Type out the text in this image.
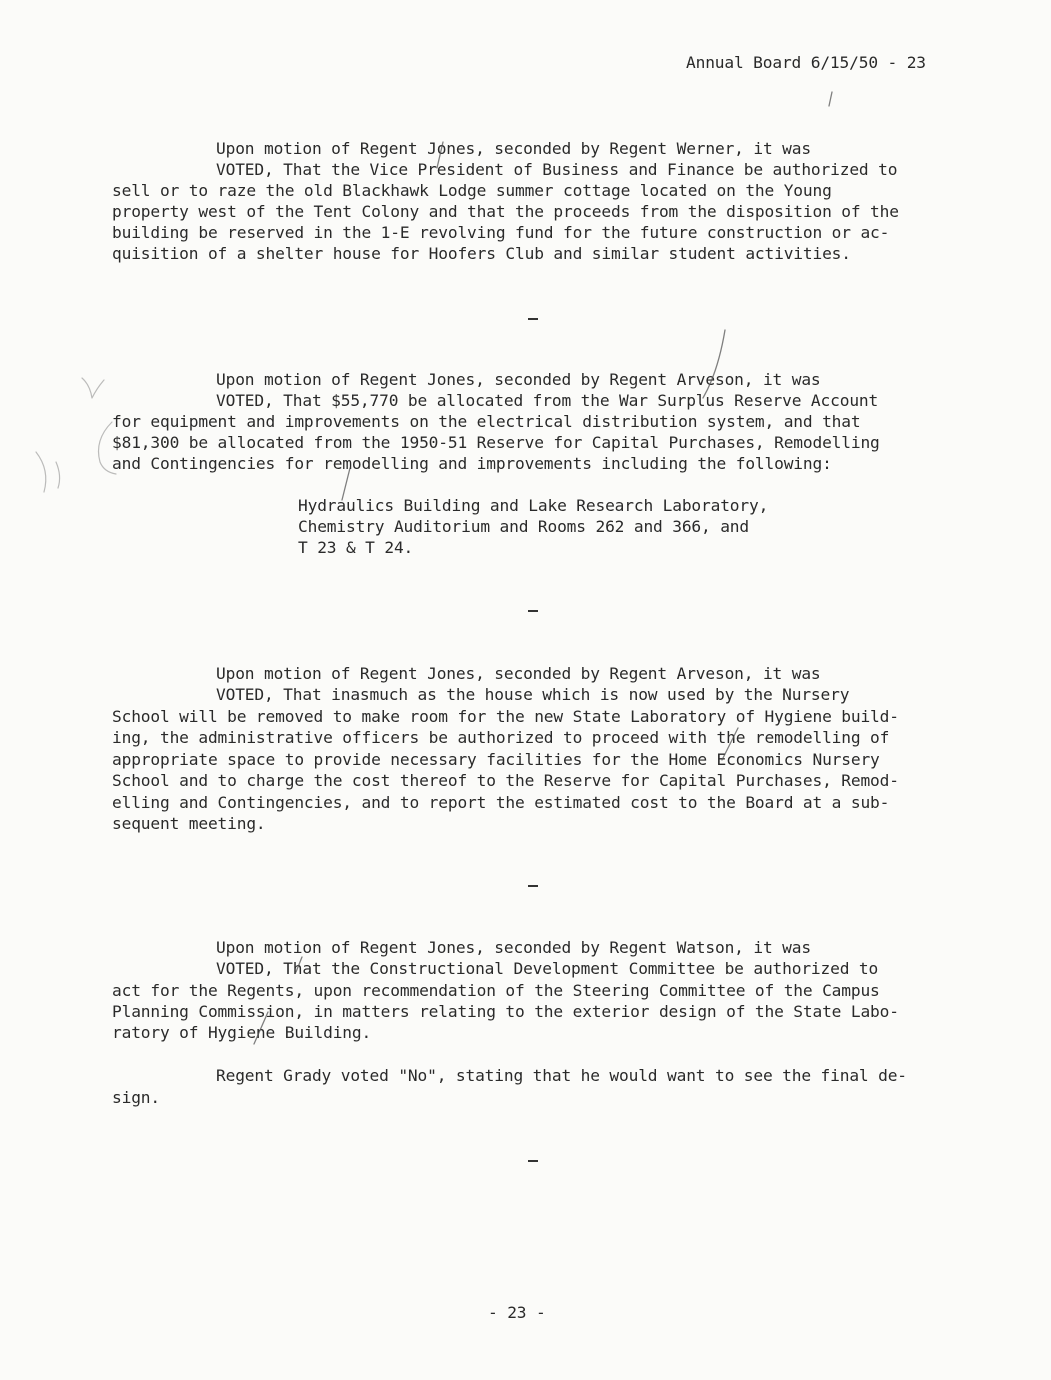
Annual Board 6/15/50 - 23
Upon motion of Regent Jones, seconded by Regent Werner, it was
VOTED, That the Vice President of Business and Finance be authorized to
sell or to raze the old Blackhawk Lodge summer cottage located on the Young
property west of the Tent Colony and that the proceeds from the disposition of the
building be reserved in the 1-E revolving fund for the future construction or ac-
quisition of a shelter house for Hoofers Club and similar student activities.
Upon motion of Regent Jones, seconded by Regent Arveson, it was
VOTED, That $55,770 be allocated from the War Surplus Reserve Account
for equipment and improvements on the electrical distribution system, and that
$81,300 be allocated from the 1950-51 Reserve for Capital Purchases, Remodelling
and Contingencies for remodelling and improvements including the following:
Hydraulics Building and Lake Research Laboratory,
Chemistry Auditorium and Rooms 262 and 366, and
T 23 & T 24.
Upon motion of Regent Jones, seconded by Regent Arveson, it was
VOTED, That inasmuch as the house which is now used by the Nursery
School will be removed to make room for the new State Laboratory of Hygiene build-
ing, the administrative officers be authorized to proceed with the remodelling of
appropriate space to provide necessary facilities for the Home Economics Nursery
School and to charge the cost thereof to the Reserve for Capital Purchases, Remod-
elling and Contingencies, and to report the estimated cost to the Board at a sub-
sequent meeting.
Upon motion of Regent Jones, seconded by Regent Watson, it was
VOTED, That the Constructional Development Committee be authorized to
act for the Regents, upon recommendation of the Steering Committee of the Campus
Planning Commission, in matters relating to the exterior design of the State Labo-
ratory of Hygiene Building.
Regent Grady voted "No", stating that he would want to see the final de-
sign.
- 23 -
